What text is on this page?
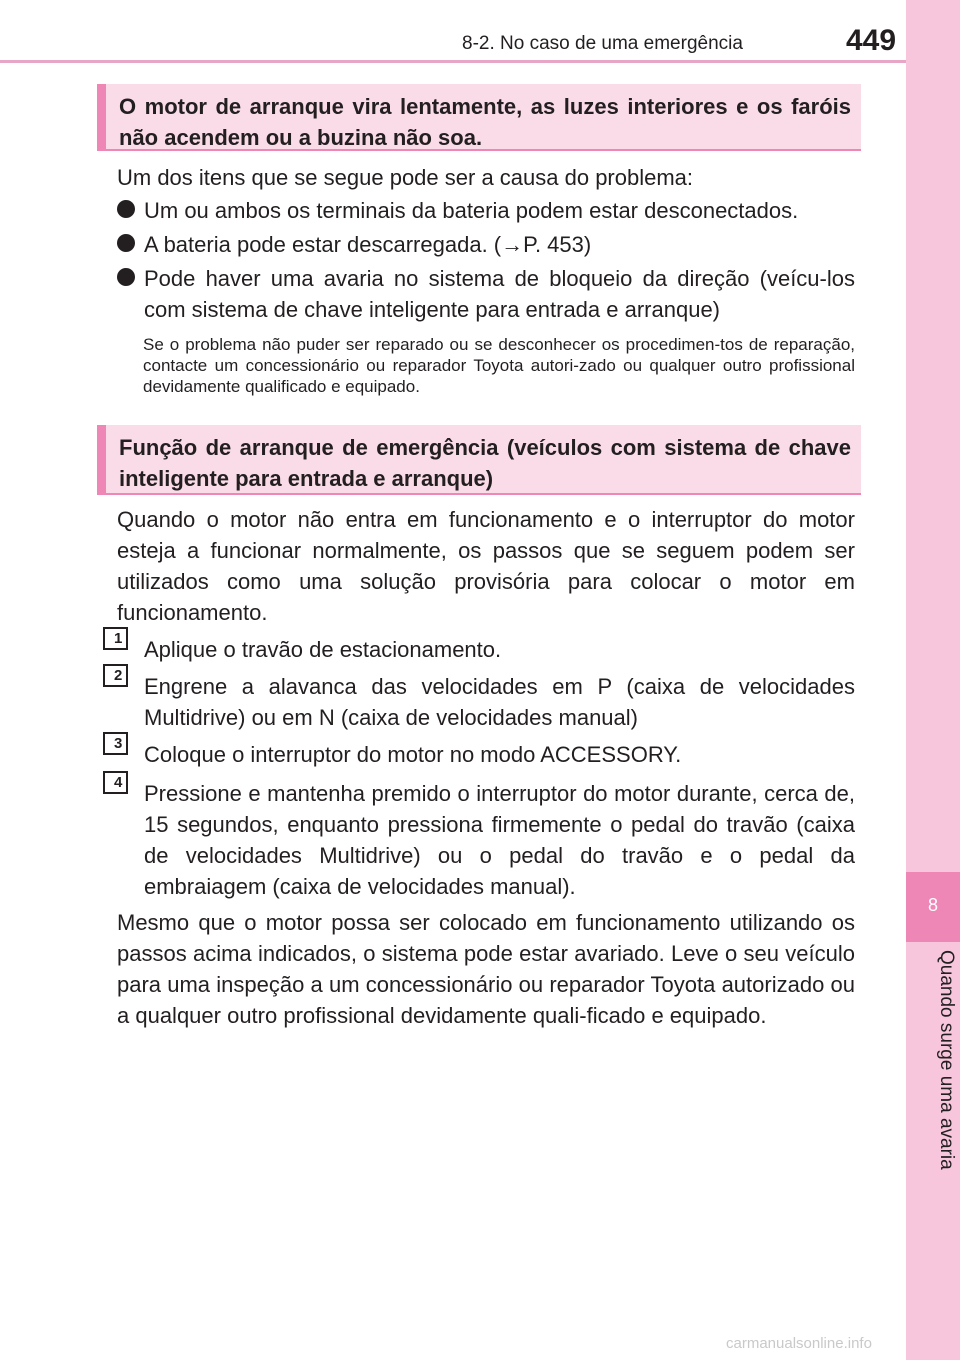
8-2. No caso de uma emergência	449
8
Quando surge uma avaria
O motor de arranque vira lentamente, as luzes interiores e os faróis não acendem ou a buzina não soa.

Um dos itens que se segue pode ser a causa do problema:

Um ou ambos os terminais da bateria podem estar desconectados.
A bateria pode estar descarregada. (→P. 453)
Pode haver uma avaria no sistema de bloqueio da direção (veícu-los com sistema de chave inteligente para entrada e arranque)
Se o problema não puder ser reparado ou se desconhecer os procedimen-tos de reparação, contacte um concessionário ou reparador Toyota autori-zado ou qualquer outro profissional devidamente qualificado e equipado.
Função de arranque de emergência (veículos com sistema de chave inteligente para entrada e arranque)

Quando o motor não entra em funcionamento e o interruptor do motor esteja a funcionar normalmente, os passos que se seguem podem ser utilizados como uma solução provisória para colocar o motor em funcionamento.

1 Aplique o travão de estacionamento.
2 Engrene a alavanca das velocidades em P (caixa de velocidades Multidrive) ou em N (caixa de velocidades manual)
3 Coloque o interruptor do motor no modo ACCESSORY.
4 Pressione e mantenha premido o interruptor do motor durante, cerca de, 15 segundos, enquanto pressiona firmemente o pedal do travão (caixa de velocidades Multidrive) ou o pedal do travão e o pedal da embraiagem (caixa de velocidades manual).

Mesmo que o motor possa ser colocado em funcionamento utilizando os passos acima indicados, o sistema pode estar avariado. Leve o seu veículo para uma inspeção a um concessionário ou reparador Toyota autorizado ou a qualquer outro profissional devidamente quali-ficado e equipado.

carmanualsonline.info
